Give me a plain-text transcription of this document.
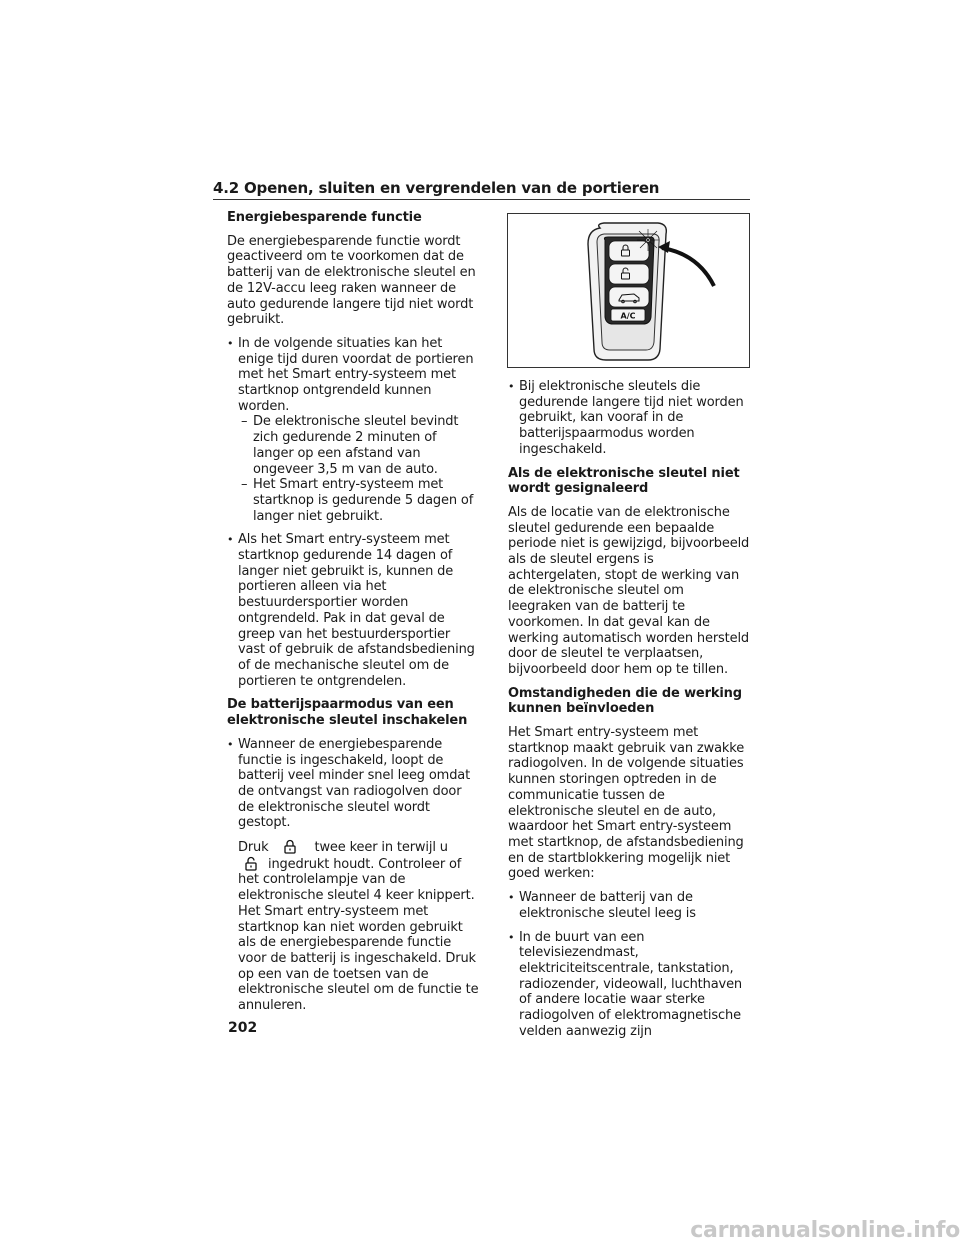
4.2 Openen, sluiten en vergrendelen van de portieren
Energiebesparende functie

De energiebesparende functie wordt geactiveerd om te voorkomen dat de batterij van de elektronische sleutel en de 12V-accu leeg raken wanneer de auto gedurende langere tijd niet wordt gebruikt.

• In de volgende situaties kan het enige tijd duren voordat de portieren met het Smart entry-systeem met startknop ontgrendeld kunnen worden.
– De elektronische sleutel bevindt zich gedurende 2 minuten of langer op een afstand van ongeveer 3,5 m van de auto.
– Het Smart entry-systeem met startknop is gedurende 5 dagen of langer niet gebruikt.
• Als het Smart entry-systeem met startknop gedurende 14 dagen of langer niet gebruikt is, kunnen de portieren alleen via het bestuurdersportier worden ontgrendeld. Pak in dat geval de greep van het bestuurdersportier vast of gebruik de afstandsbediening of de mechanische sleutel om de portieren te ontgrendelen.
De batterijspaarmodus van een elektronische sleutel inschakelen
• Wanneer de energiebesparende functie is ingeschakeld, loopt de batterij veel minder snel leeg omdat de ontvangst van radiogolven door de elektronische sleutel wordt gestopt.
Druk	twee keer in terwijl u
ingedrukt houdt. Controleer of het controlelampje van de elektronische sleutel 4 keer knippert. Het Smart entry-systeem met startknop kan niet worden gebruikt als de energiebesparende functie voor de batterij is ingeschakeld. Druk op een van de toetsen van de elektronische sleutel om de functie te annuleren.
A/C
• Bij elektronische sleutels die gedurende langere tijd niet worden gebruikt, kan vooraf in de batterijspaarmodus worden ingeschakeld.
Als de elektronische sleutel niet wordt gesignaleerd

Als de locatie van de elektronische sleutel gedurende een bepaalde periode niet is gewijzigd, bijvoorbeeld als de sleutel ergens is achtergelaten, stopt de werking van de elektronische sleutel om leegraken van de batterij te voorkomen. In dat geval kan de werking automatisch worden hersteld door de sleutel te verplaatsen, bijvoorbeeld door hem op te tillen.

Omstandigheden die de werking kunnen beïnvloeden

Het Smart entry-systeem met startknop maakt gebruik van zwakke radiogolven. In de volgende situaties kunnen storingen optreden in de communicatie tussen de elektronische sleutel en de auto, waardoor het Smart entry-systeem met startknop, de afstandsbediening en de startblokkering mogelijk niet goed werken:

• Wanneer de batterij van de elektronische sleutel leeg is
• In de buurt van een televisiezendmast, elektriciteitscentrale, tankstation, radiozender, videowall, luchthaven of andere locatie waar sterke radiogolven of elektromagnetische velden aanwezig zijn
202
carmanualsonline.info
